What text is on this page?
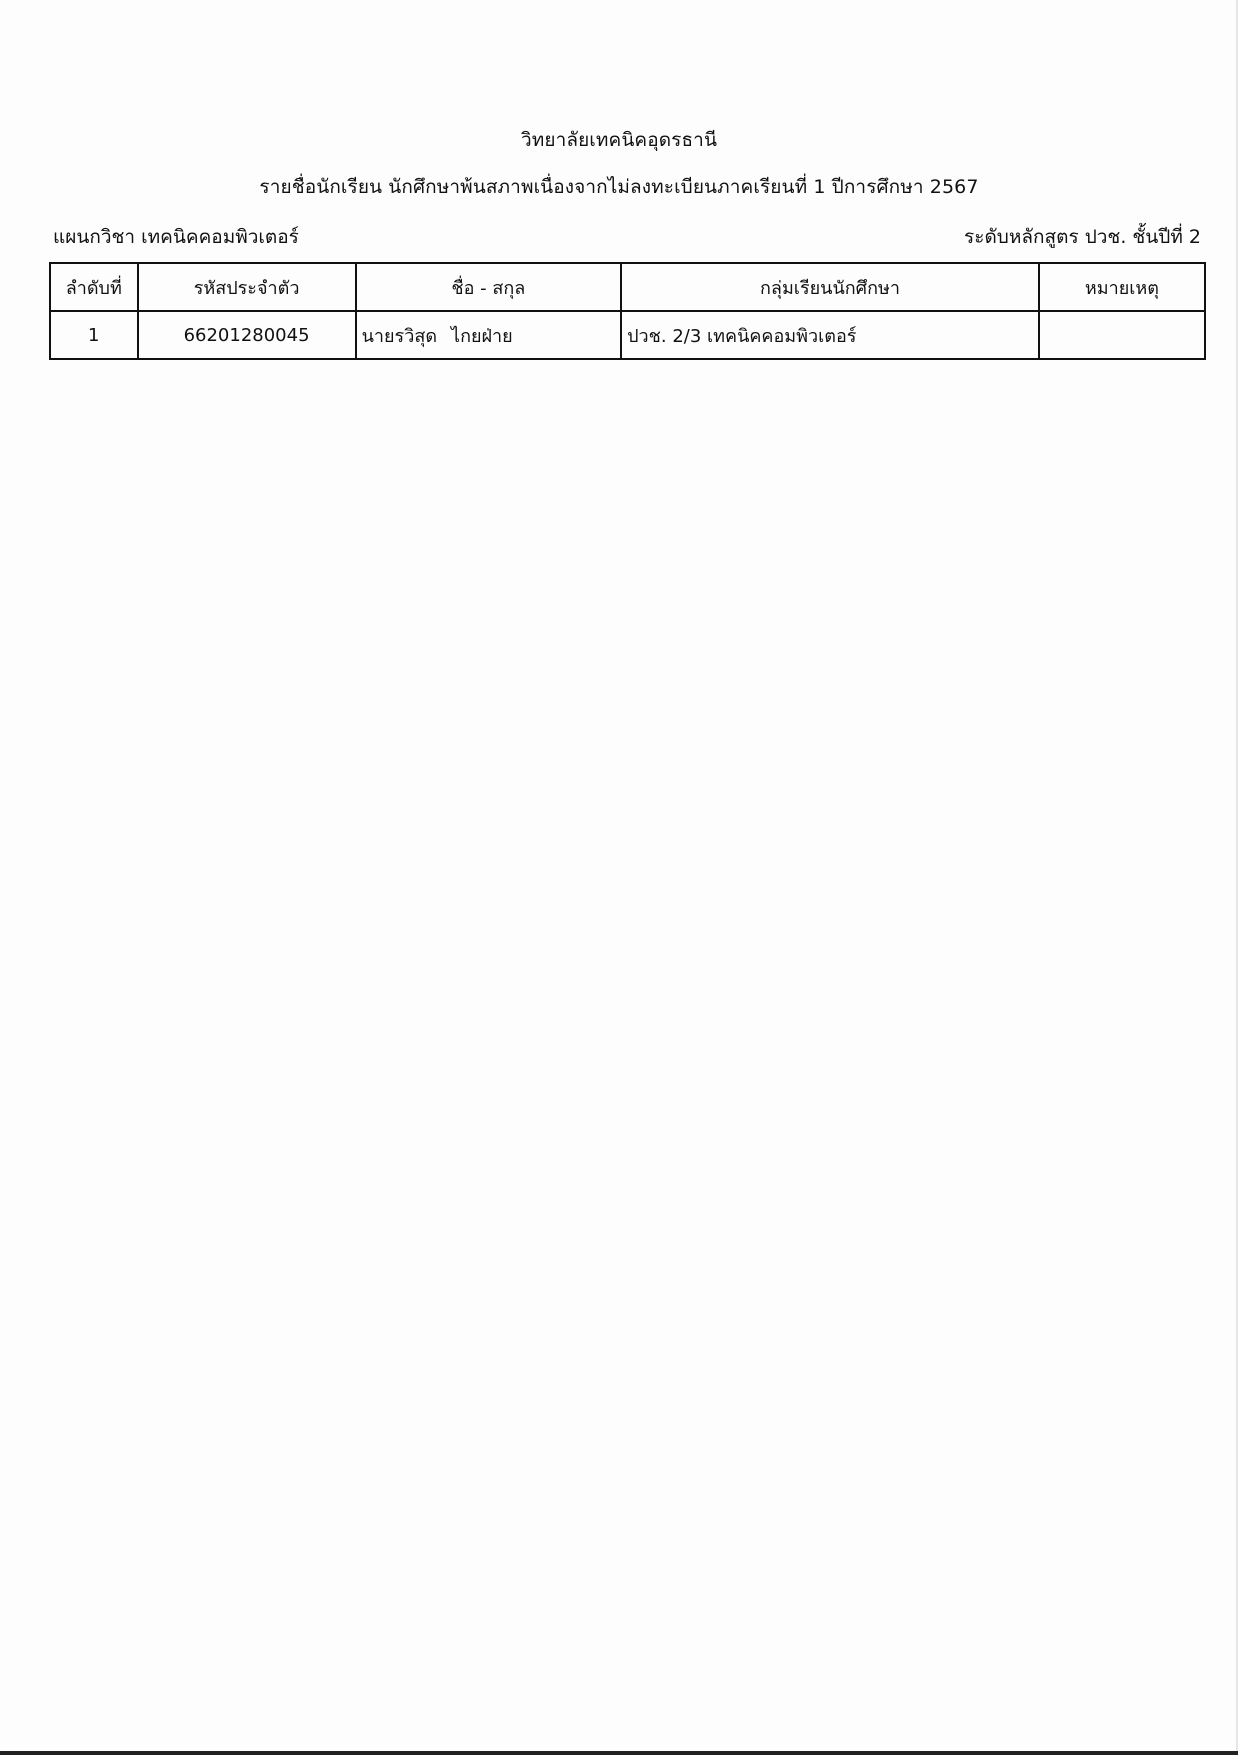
วิทยาลัยเทคนิคอุดรธานี
รายชื่อนักเรียน นักศึกษาพ้นสภาพเนื่องจากไม่ลงทะเบียนภาคเรียนที่ 1 ปีการศึกษา 2567
แผนกวิชา เทคนิคคอมพิวเตอร์	ระดับหลักสูตร ปวช. ชั้นปีที่ 2
ลำดับที่	รหัสประจำตัว	ชื่อ - สกุล	กลุ่มเรียนนักศึกษา	หมายเหตุ
1	66201280045	นายรวิสุด ไกยฝ่าย	ปวช. 2/3 เทคนิคคอมพิวเตอร์	
